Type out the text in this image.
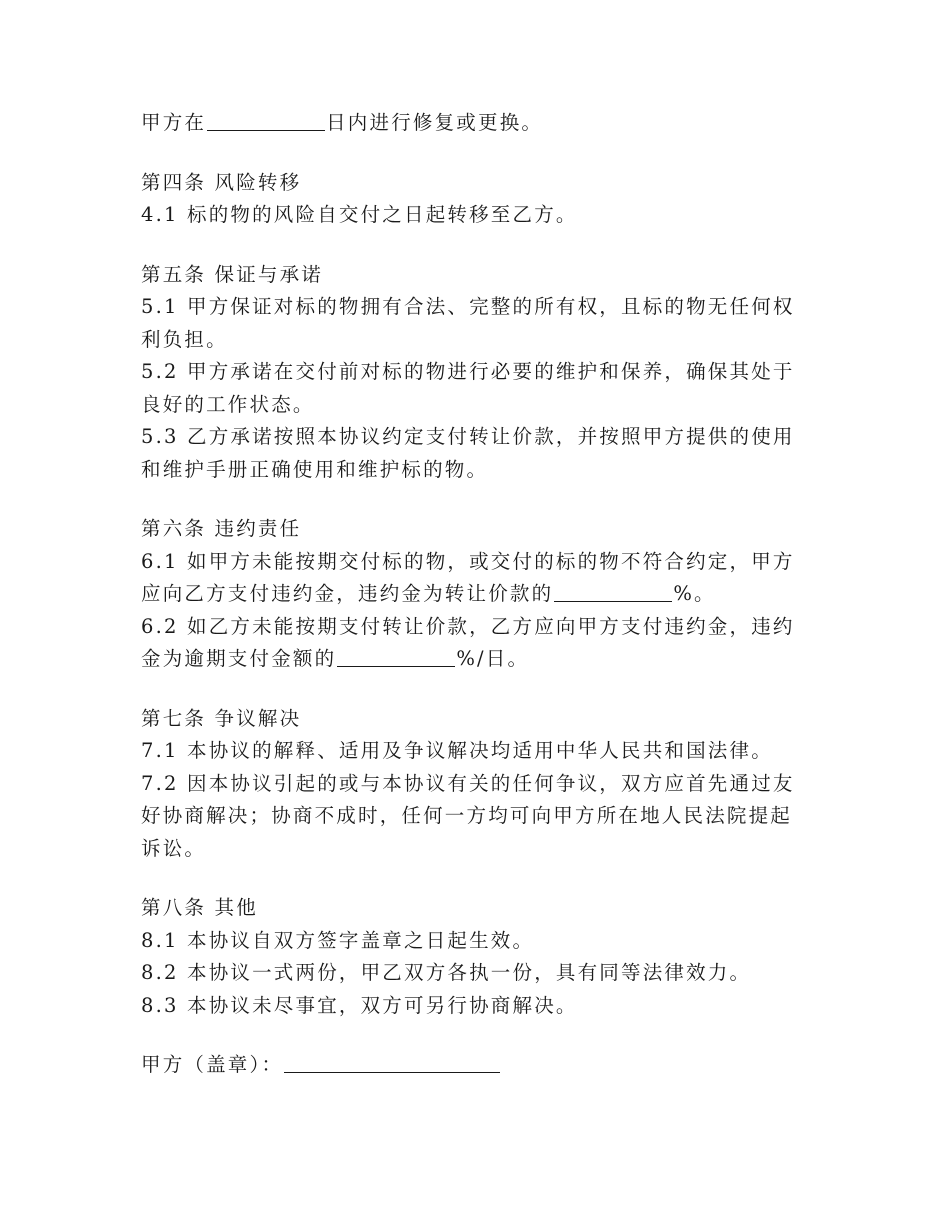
甲方在	日内进行修复或更换。
第四条 风险转移
4.1 标的物的风险自交付之日起转移至乙方。
第五条 保证与承诺
5.1 甲方保证对标的物拥有合法、完整的所有权，且标的物无任何权
利负担。
5.2 甲方承诺在交付前对标的物进行必要的维护和保养，确保其处于
良好的工作状态。
5.3 乙方承诺按照本协议约定支付转让价款，并按照甲方提供的使用
和维护手册正确使用和维护标的物。
第六条 违约责任
6.1 如甲方未能按期交付标的物，或交付的标的物不符合约定，甲方
应向乙方支付违约金，违约金为转让价款的	%。
6.2 如乙方未能按期支付转让价款，乙方应向甲方支付违约金，违约
金为逾期支付金额的	%/日。
第七条 争议解决
7.1 本协议的解释、适用及争议解决均适用中华人民共和国法律。
7.2 因本协议引起的或与本协议有关的任何争议，双方应首先通过友
好协商解决；协商不成时，任何一方均可向甲方所在地人民法院提起
诉讼。
第八条 其他
8.1 本协议自双方签字盖章之日起生效。
8.2 本协议一式两份，甲乙双方各执一份，具有同等法律效力。
8.3 本协议未尽事宜，双方可另行协商解决。
甲方（盖章）：
